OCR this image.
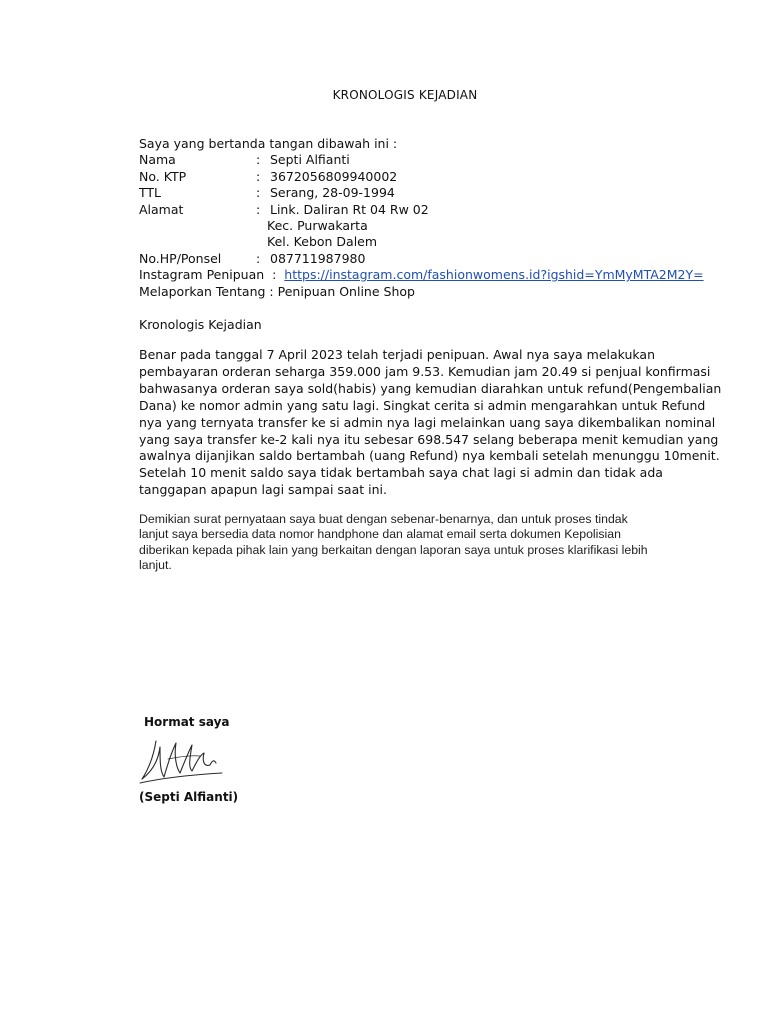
KRONOLOGIS KEJADIAN
Saya yang bertanda tangan dibawah ini :
Nama	: Septi Alfianti
No. KTP	: 3672056809940002
TTL	: Serang, 28-09-1994
Alamat	: Link. Daliran Rt 04 Rw 02
Kec. Purwakarta
Kel. Kebon Dalem
No.HP/Ponsel	: 087711987980
Instagram Penipuan : https://instagram.com/fashionwomens.id?igshid=YmMyMTA2M2Y=
Melaporkan Tentang : Penipuan Online Shop
Kronologis Kejadian
Benar pada tanggal 7 April 2023 telah terjadi penipuan. Awal nya saya melakukan
pembayaran orderan seharga 359.000 jam 9.53. Kemudian jam 20.49 si penjual konfirmasi
bahwasanya orderan saya sold(habis) yang kemudian diarahkan untuk refund(Pengembalian
Dana) ke nomor admin yang satu lagi. Singkat cerita si admin mengarahkan untuk Refund
nya yang ternyata transfer ke si admin nya lagi melainkan uang saya dikembalikan nominal
yang saya transfer ke-2 kali nya itu sebesar 698.547 selang beberapa menit kemudian yang
awalnya dijanjikan saldo bertambah (uang Refund) nya kembali setelah menunggu 10menit.
Setelah 10 menit saldo saya tidak bertambah saya chat lagi si admin dan tidak ada
tanggapan apapun lagi sampai saat ini.
Demikian surat pernyataan saya buat dengan sebenar-benarnya, dan untuk proses tindak
lanjut saya bersedia data nomor handphone dan alamat email serta dokumen Kepolisian
diberikan kepada pihak lain yang berkaitan dengan laporan saya untuk proses klarifikasi lebih
lanjut.
Hormat saya
(Septi Alfianti)
